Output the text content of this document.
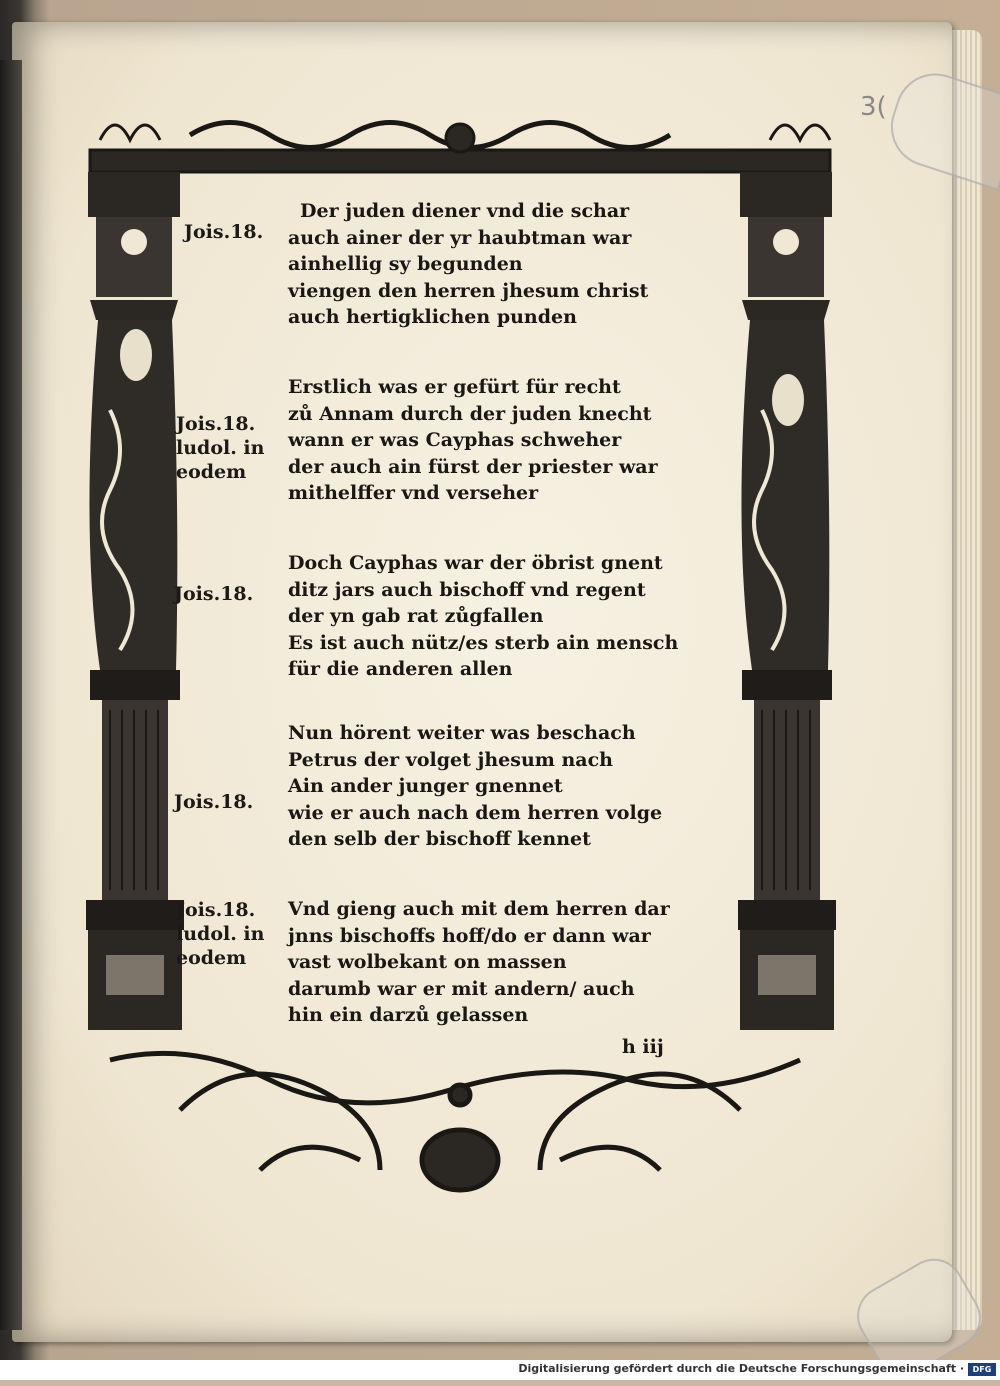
3(
Jois.18.
Der juden diener vnd die schar
auch ainer der yr haubtman war
ainhellig sy begunden
viengen den herren jhesum christ
auch hertigklichen punden
Jois.18.
ludol. in
eodem
Erstlich was er gefürt für recht
zů Annam durch der juden knecht
wann er was Cayphas schweher
der auch ain fürst der priester war
mithelffer vnd verseher
Jois.18.
Doch Cayphas war der öbrist gnent
ditz jars auch bischoff vnd regent
der yn gab rat zůgfallen
Es ist auch nütz/es sterb ain mensch
für die anderen allen
Jois.18.
Nun hörent weiter was beschach
Petrus der volget jhesum nach
Ain ander junger gnennet
wie er auch nach dem herren volge
den selb der bischoff kennet
Jois.18.
ludol. in
eodem
Vnd gieng auch mit dem herren dar
jnns bischoffs hoff/do er dann war
vast wolbekant on massen
darumb war er mit andern/ auch
hin ein darzů gelassen
h iij
Digitalisierung gefördert durch die Deutsche Forschungsgemeinschaft ·	DFG
